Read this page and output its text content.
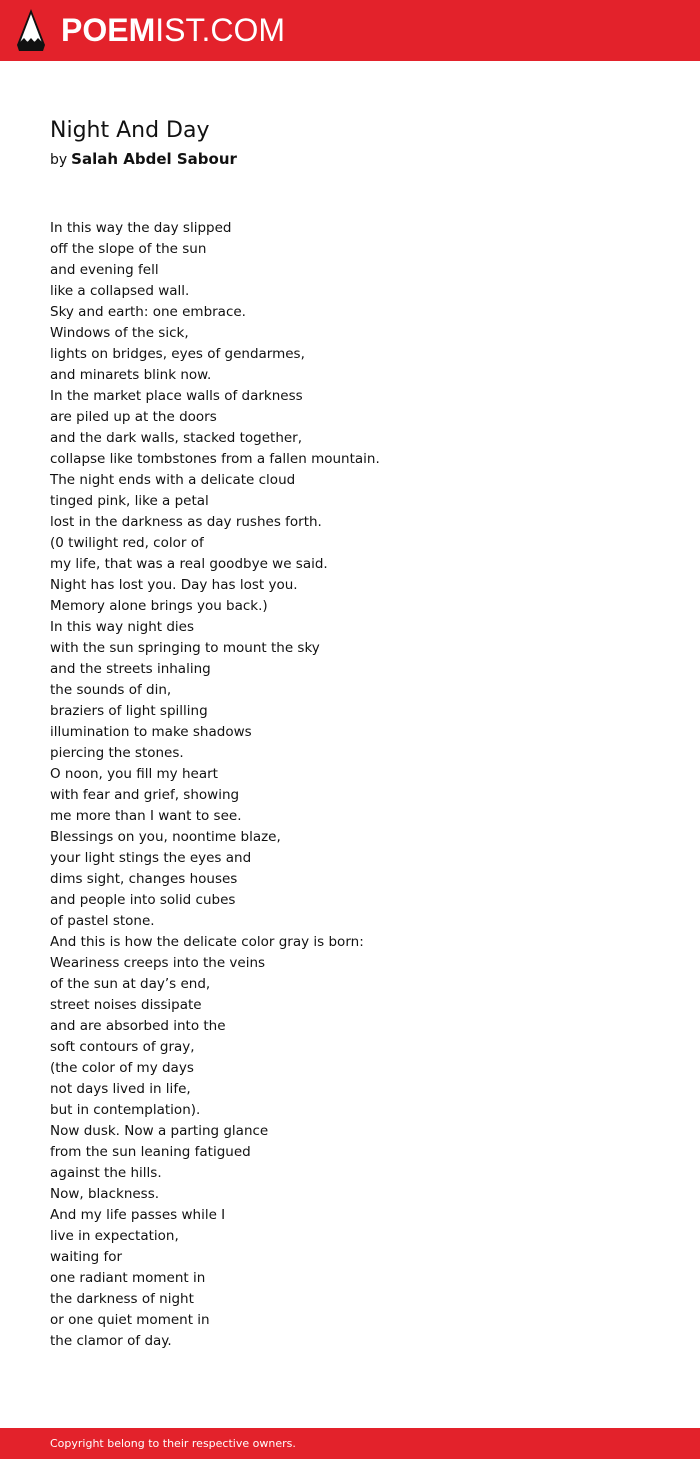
POEMIST.COM
Night And Day
by Salah Abdel Sabour
In this way the day slipped
off the slope of the sun
and evening fell
like a collapsed wall.
Sky and earth: one embrace.
Windows of the sick,
lights on bridges, eyes of gendarmes,
and minarets blink now.
In the market place walls of darkness
are piled up at the doors
and the dark walls, stacked together,
collapse like tombstones from a fallen mountain.
The night ends with a delicate cloud
tinged pink, like a petal
lost in the darkness as day rushes forth.
(0 twilight red, color of
my life, that was a real goodbye we said.
Night has lost you. Day has lost you.
Memory alone brings you back.)
In this way night dies
with the sun springing to mount the sky
and the streets inhaling
the sounds of din,
braziers of light spilling
illumination to make shadows
piercing the stones.
O noon, you fill my heart
with fear and grief, showing
me more than I want to see.
Blessings on you, noontime blaze,
your light stings the eyes and
dims sight, changes houses
and people into solid cubes
of pastel stone.
And this is how the delicate color gray is born:
Weariness creeps into the veins
of the sun at day’s end,
street noises dissipate
and are absorbed into the
soft contours of gray,
(the color of my days
not days lived in life,
but in contemplation).
Now dusk. Now a parting glance
from the sun leaning fatigued
against the hills.
Now, blackness.
And my life passes while I
live in expectation,
waiting for
one radiant moment in
the darkness of night
or one quiet moment in
the clamor of day.
Copyright belong to their respective owners.
